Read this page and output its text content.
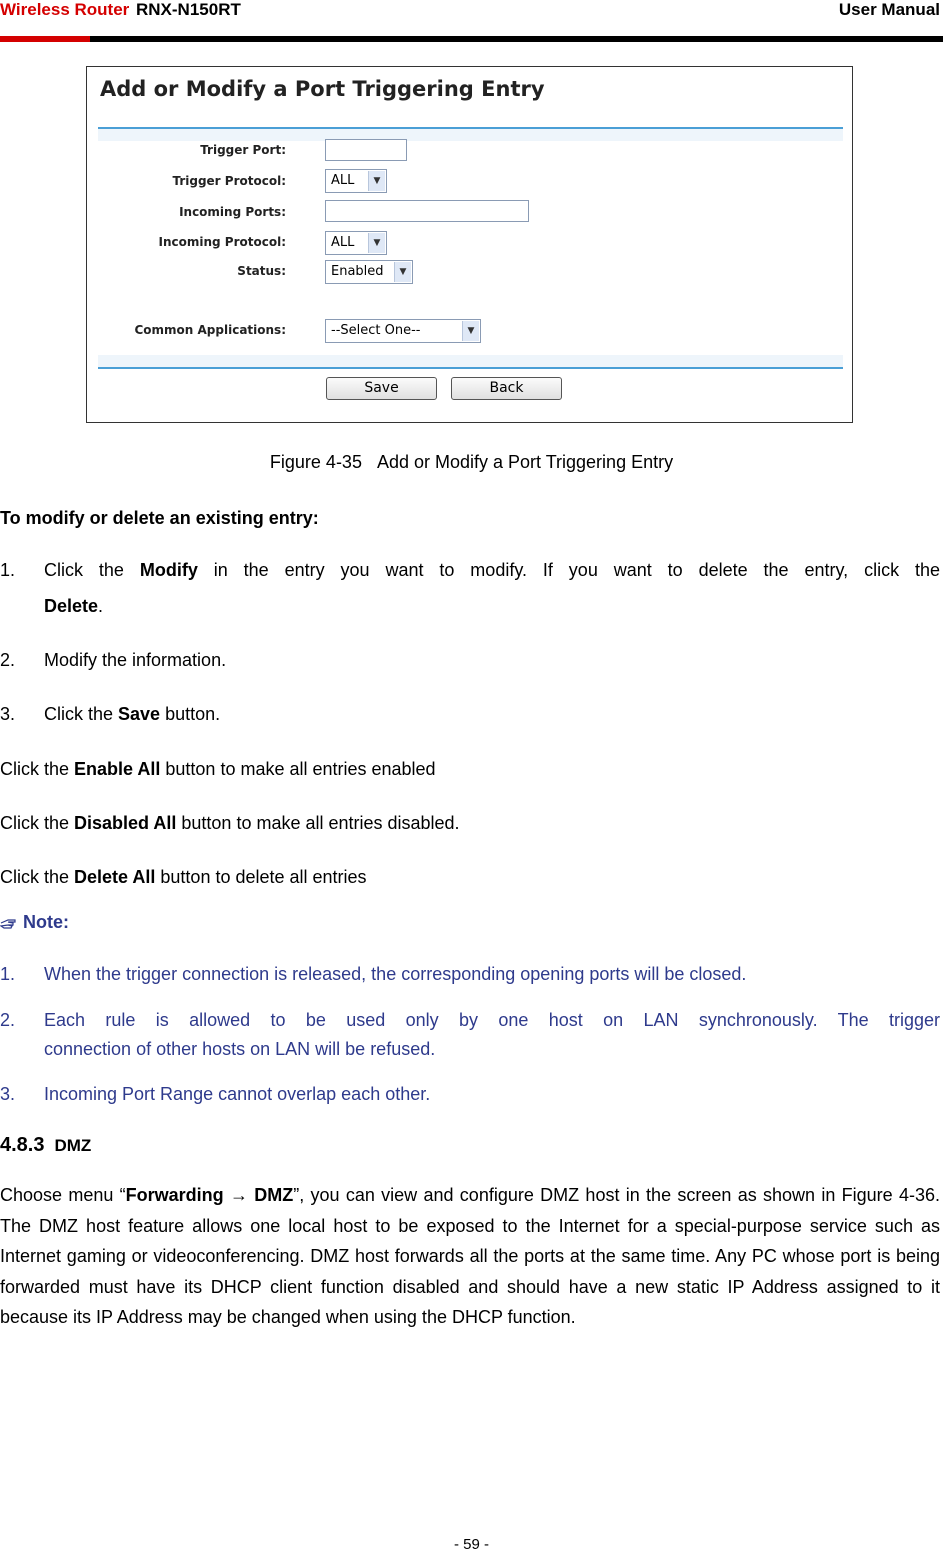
Wireless Router RNX-N150RT	User Manual
Add or Modify a Port Triggering Entry
Trigger Port:
Trigger Protocol:	ALL	▼
Incoming Ports:
Incoming Protocol:	ALL	▼
Status:	Enabled	▼
Common Applications:	--Select One--	▼
Save	Back
Figure 4-35   Add or Modify a Port Triggering Entry
To modify or delete an existing entry:
1. Click the Modify in the entry you want to modify. If you want to delete the entry, click the
Delete.
2. Modify the information.
3. Click the Save button.
Click the Enable All button to make all entries enabled
Click the Disabled All button to make all entries disabled.
Click the Delete All button to delete all entries
Note:
1. When the trigger connection is released, the corresponding opening ports will be closed.
2. Each rule is allowed to be used only by one host on LAN synchronously. The trigger
connection of other hosts on LAN will be refused.
3. Incoming Port Range cannot overlap each other.
4.8.3 DMZ
Choose menu “Forwarding → DMZ”, you can view and configure DMZ host in the screen as shown in Figure 4-36. The DMZ host feature allows one local host to be exposed to the Internet for a special-purpose service such as Internet gaming or videoconferencing. DMZ host forwards all the ports at the same time. Any PC whose port is being forwarded must have its DHCP client function disabled and should have a new static IP Address assigned to it because its IP Address may be changed when using the DHCP function.
- 59 -
